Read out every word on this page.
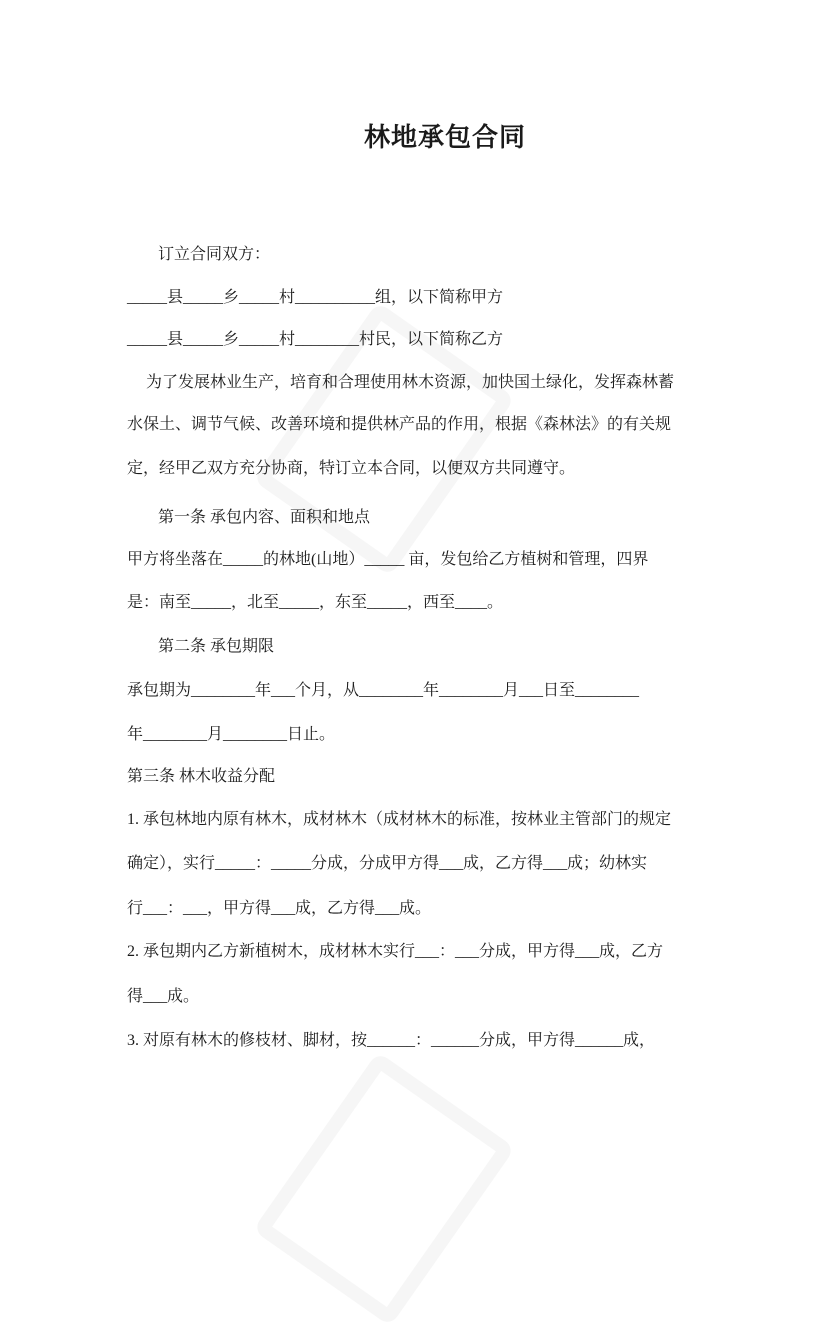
林地承包合同
订立合同双方：
_____县_____乡_____村__________组，以下简称甲方
_____县_____乡_____村________村民，以下简称乙方
为了发展林业生产，培育和合理使用林木资源，加快国土绿化，发挥森林蓄
水保土、调节气候、改善环境和提供林产品的作用，根据《森林法》的有关规
定，经甲乙双方充分协商，特订立本合同，以便双方共同遵守。
第一条 承包内容、面积和地点
甲方将坐落在_____的林地(山地）_____ 亩，发包给乙方植树和管理，四界
是：南至_____，北至_____，东至_____，西至____。
第二条 承包期限
承包期为________年___个月，从________年________月___日至________
年________月________日止。
第三条 林木收益分配
1. 承包林地内原有林木，成材林木（成材林木的标准，按林业主管部门的规定
确定），实行_____：_____分成，分成甲方得___成，乙方得___成；幼林实
行___：___，甲方得___成，乙方得___成。
2. 承包期内乙方新植树木，成材林木实行___：___分成，甲方得___成，乙方
得___成。
3. 对原有林木的修枝材、脚材，按______：______分成，甲方得______成，
